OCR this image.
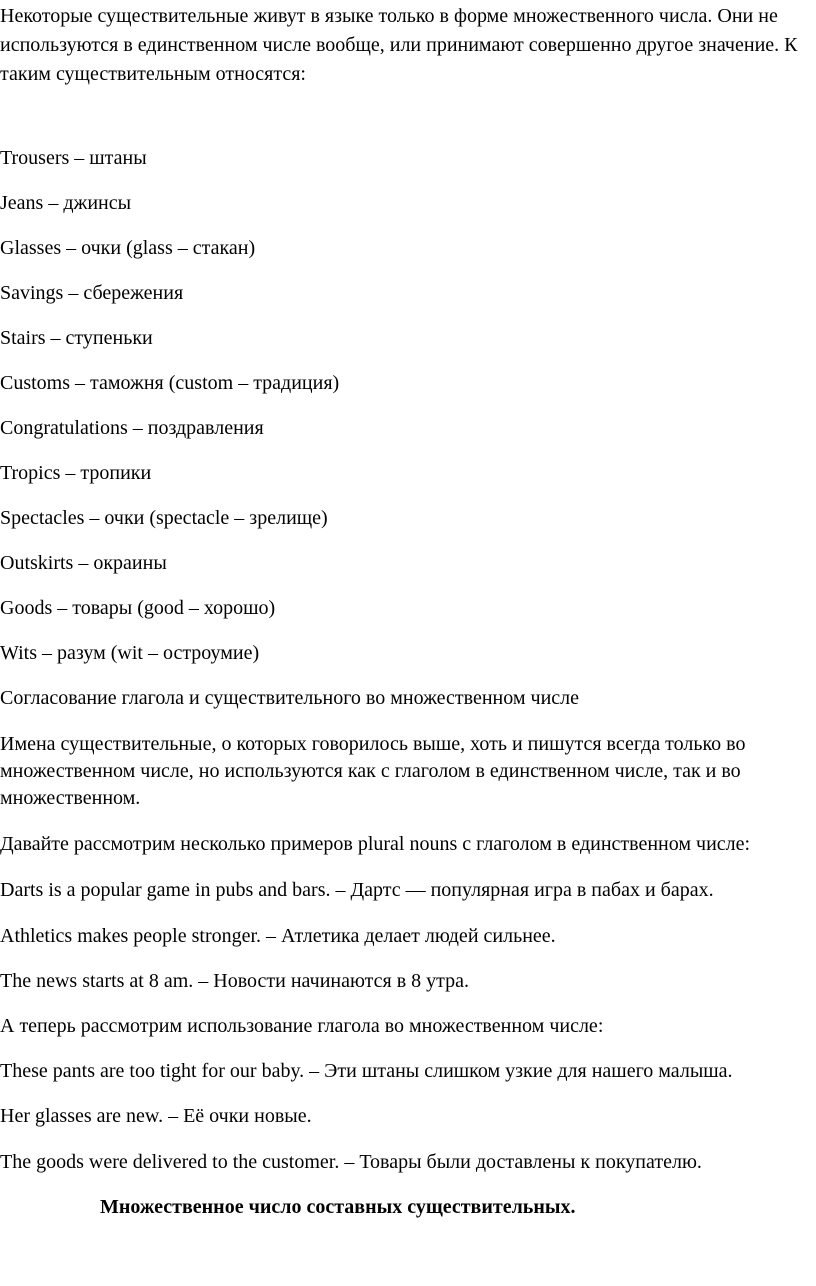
Некоторые существительные живут в языке только в форме множественного числа. Они не используются в единственном числе вообще, или принимают совершенно другое значение. К таким существительным относятся:

Trousers – штаны

Jeans – джинсы

Glasses – очки (glass – стакан)

Savings – сбережения

Stairs – ступеньки

Customs – таможня (custom – традиция)

Congratulations – поздравления

Tropics – тропики

Spectacles – очки (spectacle – зрелище)

Outskirts – окраины

Goods – товары (good – хорошо)

Wits – разум (wit – остроумие)

Согласование глагола и существительного во множественном числе

Имена существительные, о которых говорилось выше, хоть и пишутся всегда только во множественном числе, но используются как с глаголом в единственном числе, так и во множественном.

Давайте рассмотрим несколько примеров plural nouns с глаголом в единственном числе:

Darts is a popular game in pubs and bars. – Дартс — популярная игра в пабах и барах.

Athletics makes people stronger. – Атлетика делает людей сильнее.

The news starts at 8 am. – Новости начинаются в 8 утра.

А теперь рассмотрим использование глагола во множественном числе:

These pants are too tight for our baby. – Эти штаны слишком узкие для нашего малыша.

Her glasses are new. – Её очки новые.

The goods were delivered to the customer. – Товары были доставлены к покупателю.

Множественное число составных существительных.
